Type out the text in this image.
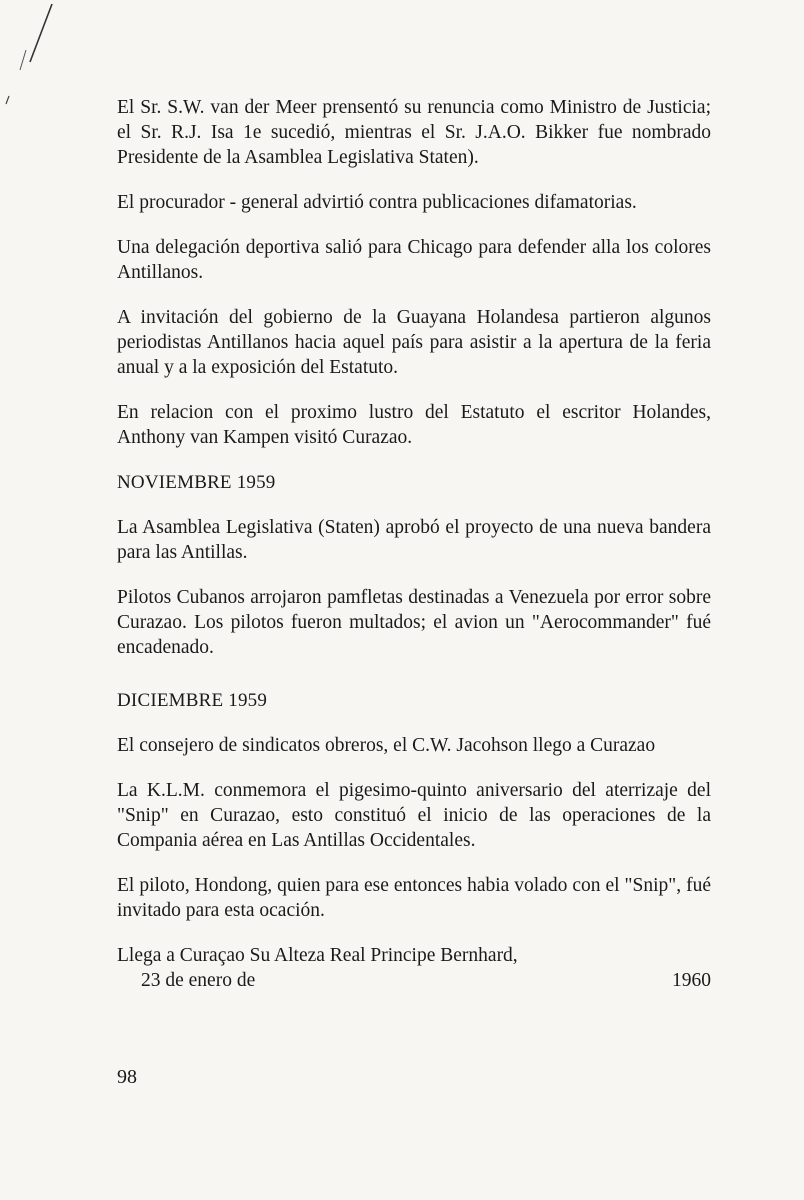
El Sr. S.W. van der Meer prensentó su renuncia como Ministro de Justicia; el Sr. R.J. Isa 1e sucedió, mientras el Sr. J.A.O. Bikker fue nombrado Presidente de la Asamblea Legislativa Staten).

El procurador - general advirtió contra publicaciones difamatorias.

Una delegación deportiva salió para Chicago para defender alla los colores Antillanos.

A invitación del gobierno de la Guayana Holandesa partieron algunos periodistas Antillanos hacia aquel país para asistir a la apertura de la feria anual y a la exposición del Estatuto.

En relacion con el proximo lustro del Estatuto el escritor Holandes, Anthony van Kampen visitó Curazao.

NOVIEMBRE 1959

La Asamblea Legislativa (Staten) aprobó el proyecto de una nueva bandera para las Antillas.

Pilotos Cubanos arrojaron pamfletas destinadas a Venezuela por error sobre Curazao. Los pilotos fueron multados; el avion un "Aerocommander" fué encadenado.

DICIEMBRE 1959

El consejero de sindicatos obreros, el C.W. Jacohson llego a Curazao

La K.L.M. conmemora el pigesimo-quinto aniversario del aterrizaje del "Snip" en Curazao, esto constituó el inicio de las operaciones de la Compania aérea en Las Antillas Occidentales.

El piloto, Hondong, quien para ese entonces habia volado con el "Snip", fué invitado para esta ocación.

Llega a Curaçao Su Alteza Real Principe Bernhard,
23 de enero de	1960
98
